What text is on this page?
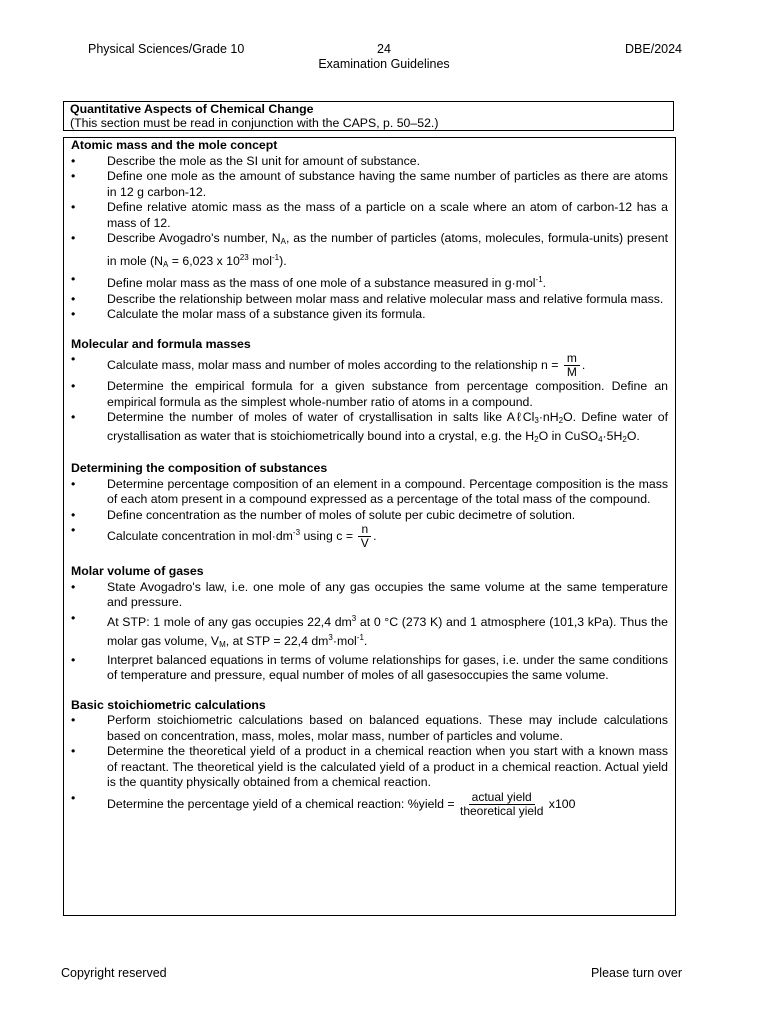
Physical Sciences/Grade 10	24
Examination Guidelines
DBE/2024
Quantitative Aspects of Chemical Change
(This section must be read in conjunction with the CAPS, p. 50–52.)
Atomic mass and the mole concept
•	Describe the mole as the SI unit for amount of substance.
•	Define one mole as the amount of substance having the same number of particles as there are atoms in 12 g carbon-12.
•	Define relative atomic mass as the mass of a particle on a scale where an atom of carbon-12 has a mass of 12.
•	Describe Avogadro's number, $N_A$, as the number of particles (atoms, molecules, formula-units) present in mole ($N_A = 6,023$ x $10^{23}$ mol$^{-1}$).
•	Define molar mass as the mass of one mole of a substance measured in g·mol$^{-1}$.
•	Describe the relationship between molar mass and relative molecular mass and relative formula mass.
•	Calculate the molar mass of a substance given its formula.
Molecular and formula masses
•	Calculate mass, molar mass and number of moles according to the relationship $n = \frac{m}{M}$ .
•	Determine the empirical formula for a given substance from percentage composition. Define an empirical formula as the simplest whole-number ratio of atoms in a compound.
•	Determine the number of moles of water of crystallisation in salts like $A\ell Cl_3\cdot nH_2O$. Define water of crystallisation as water that is stoichiometrically bound into a crystal, e.g. the $H_2O$ in $CuSO_4\cdot 5H_2O$.
Determining the composition of substances
•	Determine percentage composition of an element in a compound. Percentage composition is the mass of each atom present in a compound expressed as a percentage of the total mass of the compound.
•	Define concentration as the number of moles of solute per cubic decimetre of solution.
•	Calculate concentration in $mol\cdot dm^{-3}$ using $c = \frac{n}{V}$ .
Molar volume of gases
•	State Avogadro's law, i.e. one mole of any gas occupies the same volume at the same temperature and pressure.
•	At STP: 1 mole of any gas occupies 22,4 $dm^3$ at 0 °C (273 K) and 1 atmosphere (101,3 kPa). Thus the molar gas volume, $V_M$, at STP = 22,4 $dm^3\cdot mol^{-1}$.
•	Interpret balanced equations in terms of volume relationships for gases, i.e. under the same conditions of temperature and pressure, equal number of moles of all gasesoccupies the same volume.
Basic stoichiometric calculations
•	Perform stoichiometric calculations based on balanced equations. These may include calculations based on concentration, mass, moles, molar mass, number of particles and volume.
•	Determine the theoretical yield of a product in a chemical reaction when you start with a known mass of reactant. The theoretical yield is the calculated yield of a product in a chemical reaction. Actual yield is the quantity physically obtained from a chemical reaction.
•	Determine the percentage yield of a chemical reaction: %yield = $\frac{\text{actual yield}}{\text{theoretical yield}} x100$
Copyright reserved	Please turn over
